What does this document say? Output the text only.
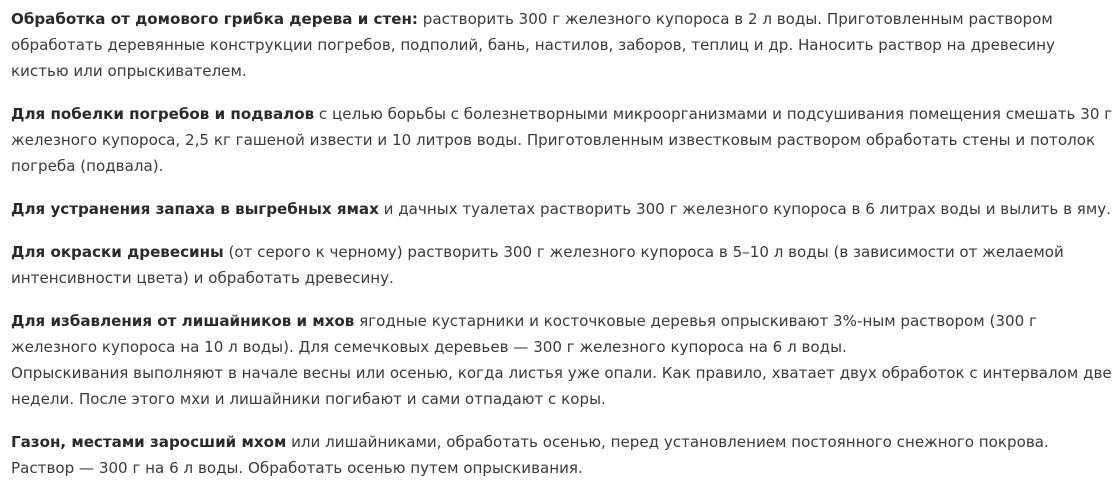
Обработка от домового грибка дерева и стен: растворить 300 г железного купороса в 2 л воды. Приготовленным раствором обработать деревянные конструкции погребов, подполий, бань, настилов, заборов, теплиц и др. Наносить раствор на древесину кистью или опрыскивателем.

Для побелки погребов и подвалов с целью борьбы с болезнетворными микроорганизмами и подсушивания помещения смешать 30 г железного купороса, 2,5 кг гашеной извести и 10 литров воды. Приготовленным известковым раствором обработать стены и потолок погреба (подвала).

Для устранения запаха в выгребных ямах и дачных туалетах растворить 300 г железного купороса в 6 литрах воды и вылить в яму.

Для окраски древесины (от серого к черному) растворить 300 г железного купороса в 5–10 л воды (в зависимости от желаемой интенсивности цвета) и обработать древесину.

Для избавления от лишайников и мхов ягодные кустарники и косточковые деревья опрыскивают 3%-ным раствором (300 г железного купороса на 10 л воды). Для семечковых деревьев — 300 г железного купороса на 6 л воды.
Опрыскивания выполняют в начале весны или осенью, когда листья уже опали. Как правило, хватает двух обработок с интервалом две недели. После этого мхи и лишайники погибают и сами отпадают с коры.

Газон, местами заросший мхом или лишайниками, обработать осенью, перед установлением постоянного снежного покрова. Раствор — 300 г на 6 л воды. Обработать осенью путем опрыскивания.
